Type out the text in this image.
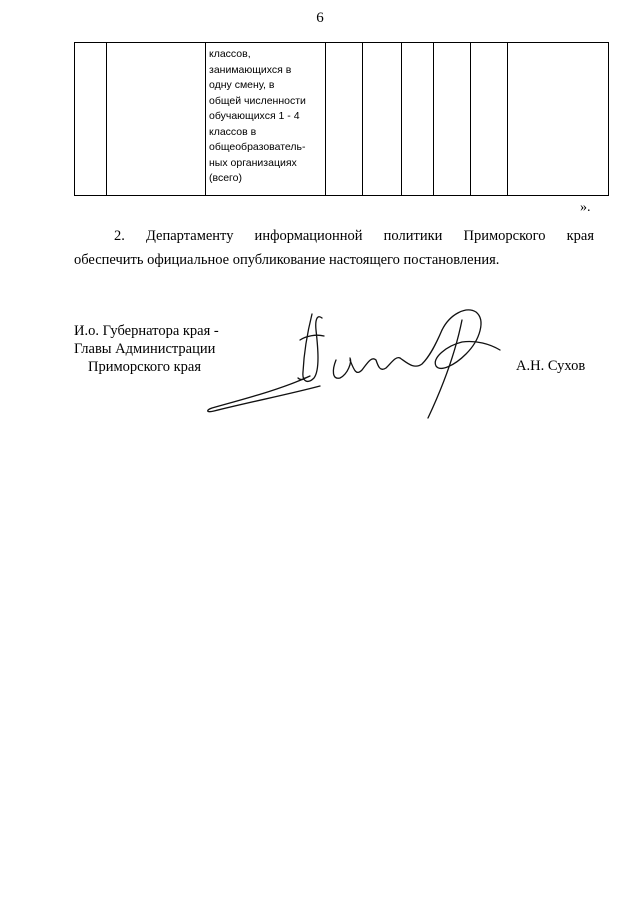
6
классов,
занимающихся в
одну смену, в
общей численности
обучающихся 1 - 4
классов в
общеобразователь-
ных организациях
(всего)
».
2. Департаменту информационной политики Приморского края
обеспечить официальное опубликование настоящего постановления.
И.о. Губернатора края -
Главы Администрации
Приморского края	А.Н. Сухов
